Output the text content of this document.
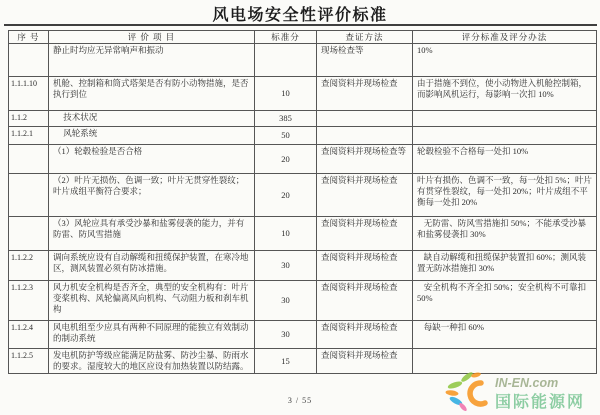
风电场安全性评价标准
序 号	评 价 项 目	标准分	查证方法	评分标准及评分办法
	静止时均应无异常响声和振动		现场检查等	10%
1.1.1.10	机舱、控制箱和筒式塔架是否有防小动物措施，是否执行到位	10	查阅资料并现场检查	由于措施不到位，使小动物进入机舱控制箱，而影响风机运行，每影响一次扣 10%
1.1.2	技术状况	385		
1.1.2.1	风轮系统	50		
	（1）轮毂检验是否合格	20	查阅资料并现场检查等	轮毂检验不合格每一处扣 10%
	（2）叶片无损伤、色调一致；叶片无贯穿性裂纹；叶片成组平衡符合要求；	20	查阅资料并现场检查	叶片有损伤、色调不一致，每一处扣 5%；叶片有贯穿性裂纹，每一处扣 20%；叶片成组不平衡每一处扣 20%
	（3）风轮应具有承受沙暴和盐雾侵袭的能力，并有防雷、防风雪措施	10	查阅资料并现场检查	无防雷、防风雪措施扣 50%；不能承受沙暴和盐雾侵袭扣 30%
1.1.2.2	调向系统应设有自动解缆和扭缆保护装置，在寒冷地区，测风装置必须有防冰措施。	30	查阅资料并现场检查	缺自动解缆和扭缆保护装置扣 60%；测风装置无防冰措施扣 30%
1.1.2.3	风力机安全机构是否齐全，典型的安全机构有：叶片变桨机构、风轮偏离风向机构、气动阻力板和刹车机构	30	查阅资料并现场检查	安全机构不齐全扣 50%；安全机构不可靠扣 50%
1.1.2.4	风电机组至少应具有两种不同原理的能独立有效制动的制动系统	30	查阅资料并现场检查	每缺一种扣 60%
1.1.2.5	发电机防护等级应能满足防盐雾、防沙尘暴、防雨水的要求。湿度较大的地区应设有加热装置以防结露。	15	查阅资料并现场检查	
3 / 55
IN-EN.com
国际能源网
